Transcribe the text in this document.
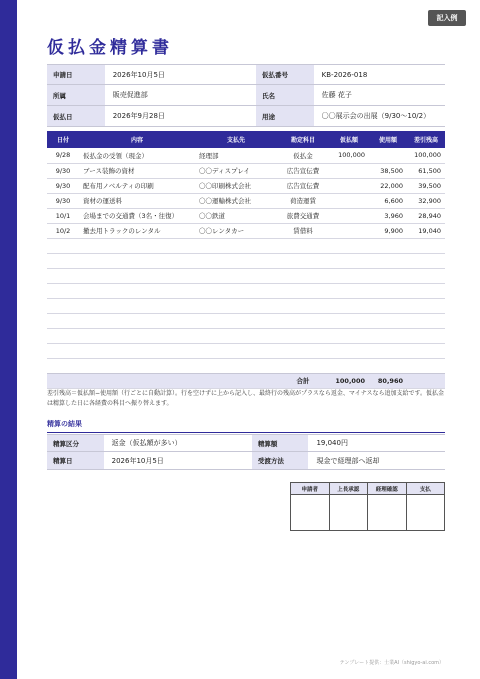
記入例
仮払金精算書
申請日	2026年10月5日	仮払番号	KB-2026-018
所属	販売促進部	氏名	佐藤 花子
仮払日	2026年9月28日	用途	〇〇展示会の出展（9/30〜10/2）
日付	内容	支払先	勘定科目	仮払額	使用額	差引残高
9/28	仮払金の受領（現金）	経理部	仮払金	100,000		100,000
9/30	ブース装飾の資材	〇〇ディスプレイ	広告宣伝費		38,500	61,500
9/30	配布用ノベルティの印刷	〇〇印刷株式会社	広告宣伝費		22,000	39,500
9/30	資材の運送料	〇〇運輸株式会社	荷造運賃		6,600	32,900
10/1	会場までの交通費（3名・往復）	〇〇鉄道	旅費交通費		3,960	28,940
10/2	撤去用トラックのレンタル	〇〇レンタカー	賃借料		9,900	19,040

			合計	100,000	80,960	

差引残高＝仮払額−使用額（行ごとに自動計算）。行を空けずに上から記入し、最終行の残高がプラスなら返金、マイナスなら追加支給です。仮払金は精算した日に各経費の科目へ振り替えます。

精算の結果
精算区分	返金（仮払額が多い）	精算額	19,040円
精算日	2026年10月5日	受渡方法	現金で経理部へ返却
申請者	上長承認	経理確認	支払

テンプレート提供：士業AI（shigyo-ai.com）
